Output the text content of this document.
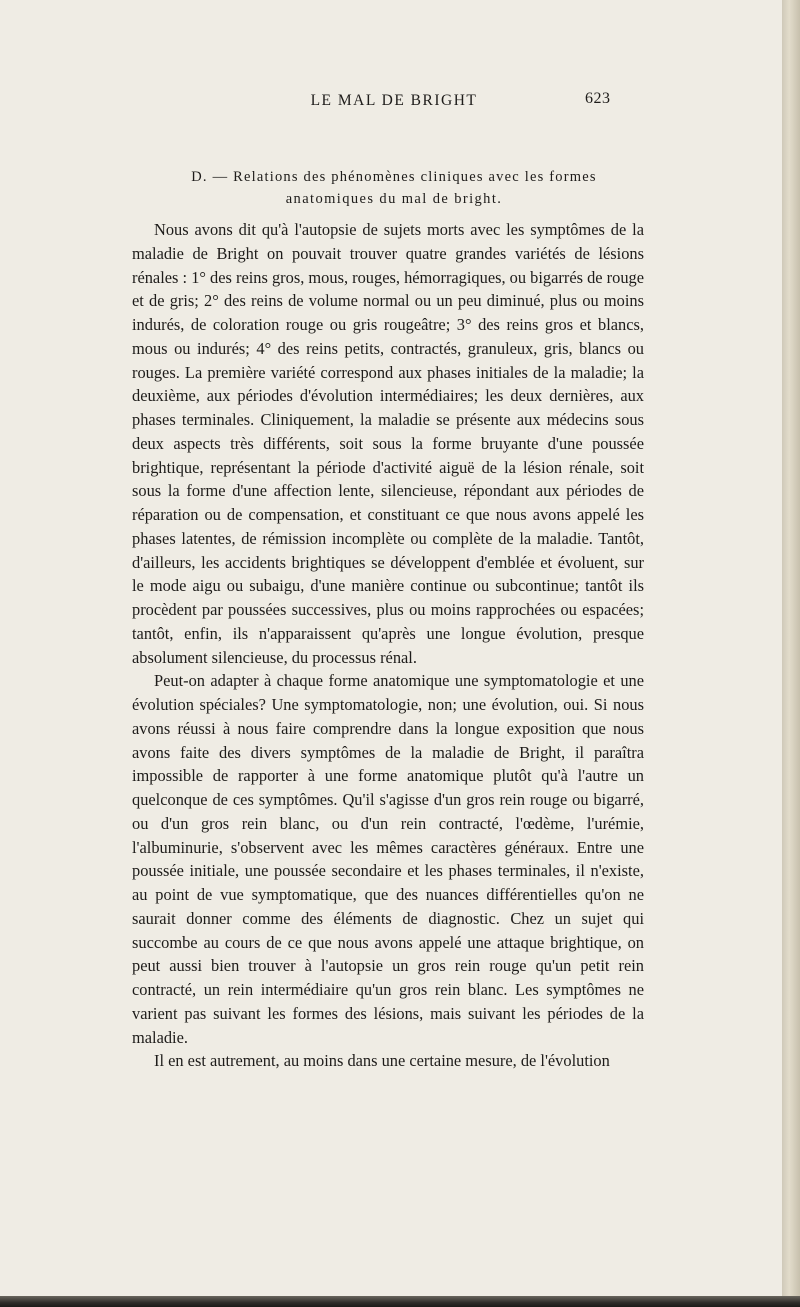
LE MAL DE BRIGHT	623
D. — Relations des phénomènes cliniques avec les formes
anatomiques du mal de bright.

Nous avons dit qu'à l'autopsie de sujets morts avec les symptômes de la maladie de Bright on pouvait trouver quatre grandes variétés de lésions rénales : 1° des reins gros, mous, rouges, hémorragiques, ou bigarrés de rouge et de gris; 2° des reins de volume normal ou un peu diminué, plus ou moins indurés, de coloration rouge ou gris rougeâtre; 3° des reins gros et blancs, mous ou indurés; 4° des reins petits, contractés, granuleux, gris, blancs ou rouges. La première variété correspond aux phases initiales de la maladie; la deuxième, aux périodes d'évolution intermédiaires; les deux dernières, aux phases terminales. Cliniquement, la maladie se présente aux médecins sous deux aspects très différents, soit sous la forme bruyante d'une poussée brightique, représentant la période d'activité aiguë de la lésion rénale, soit sous la forme d'une affection lente, silencieuse, répondant aux périodes de réparation ou de compensation, et constituant ce que nous avons appelé les phases latentes, de rémission incomplète ou complète de la maladie. Tantôt, d'ailleurs, les accidents brightiques se développent d'emblée et évoluent, sur le mode aigu ou subaigu, d'une manière continue ou subcontinue; tantôt ils procèdent par poussées successives, plus ou moins rapprochées ou espacées; tantôt, enfin, ils n'apparaissent qu'après une longue évolution, presque absolument silencieuse, du processus rénal.

Peut-on adapter à chaque forme anatomique une symptomatologie et une évolution spéciales? Une symptomatologie, non; une évolution, oui. Si nous avons réussi à nous faire comprendre dans la longue exposition que nous avons faite des divers symptômes de la maladie de Bright, il paraîtra impossible de rapporter à une forme anatomique plutôt qu'à l'autre un quelconque de ces symptômes. Qu'il s'agisse d'un gros rein rouge ou bigarré, ou d'un gros rein blanc, ou d'un rein contracté, l'œdème, l'urémie, l'albuminurie, s'observent avec les mêmes caractères généraux. Entre une poussée initiale, une poussée secondaire et les phases terminales, il n'existe, au point de vue symptomatique, que des nuances différentielles qu'on ne saurait donner comme des éléments de diagnostic. Chez un sujet qui succombe au cours de ce que nous avons appelé une attaque brightique, on peut aussi bien trouver à l'autopsie un gros rein rouge qu'un petit rein contracté, un rein intermédiaire qu'un gros rein blanc. Les symptômes ne varient pas suivant les formes des lésions, mais suivant les périodes de la maladie.

Il en est autrement, au moins dans une certaine mesure, de l'évolution
